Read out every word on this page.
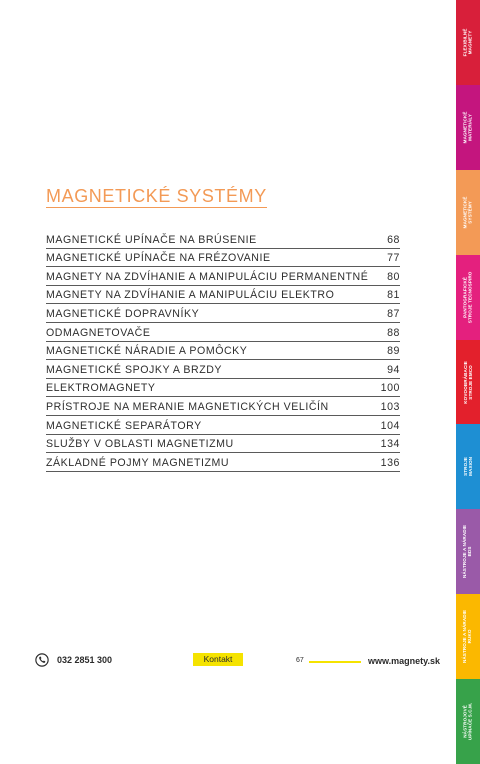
MAGNETICKÉ SYSTÉMY
MAGNETICKÉ UPÍNAČE NA BRÚSENIE	68
MAGNETICKÉ UPÍNAČE NA FRÉZOVANIE	77
MAGNETY NA ZDVÍHANIE A MANIPULÁCIU PERMANENTNÉ 80
MAGNETY NA ZDVÍHANIE A MANIPULÁCIU ELEKTRO	81
MAGNETICKÉ DOPRAVNÍKY	87
ODMAGNETOVAČE	88
MAGNETICKÉ NÁRADIE A POMÔCKY	89
MAGNETICKÉ SPOJKY A BRZDY	94
ELEKTROMAGNETY	100
PRÍSTROJE NA MERANIE MAGNETICKÝCH VELIČÍN	103
MAGNETICKÉ SEPARÁTORY	104
SLUŽBY V OBLASTI MAGNETIZMU	134
ZÁKLADNÉ POJMY MAGNETIZMU	136
FLEXIBILNÉ
MAGNETY
MAGNETICKÉ
MATERIÁLY
MAGNETICKÉ
SYSTÉMY
PANTOGRAFICKÉ
STROJE TECNOSPIRO
KOVOOBRÁBACIE
STROJE EMCO
STROJE
MAXION
NÁSTROJE A NÁRADIE
BDS
NÁSTROJE A NÁRADIE
RUKO
NÁSTROJOVÉ
UPÍNAČE S.C.M.
032 2851 300	Kontakt	67	www.magnety.sk
